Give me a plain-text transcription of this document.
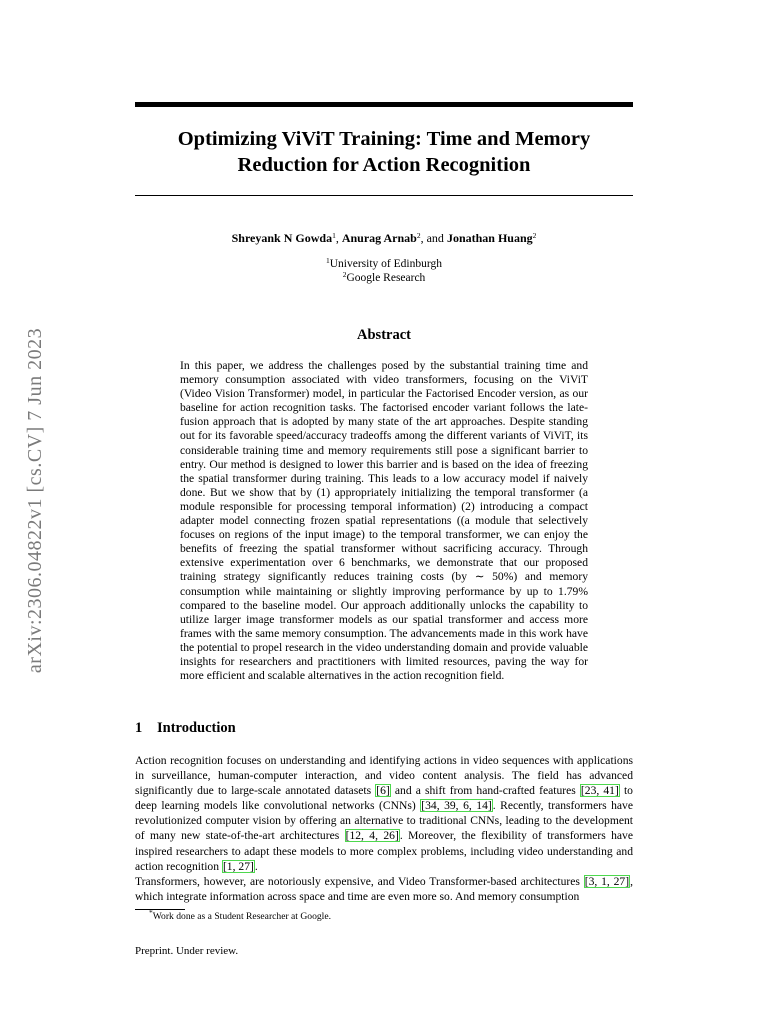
arXiv:2306.04822v1 [cs.CV] 7 Jun 2023
Optimizing ViViT Training: Time and Memory
Reduction for Action Recognition
Shreyank N Gowda$^1$, Anurag Arnab$^2$, and Jonathan Huang$^2$
$^1$University of Edinburgh
$^2$Google Research
Abstract

In this paper, we address the challenges posed by the substantial training time and memory consumption associated with video transformers, focusing on the ViViT (Video Vision Transformer) model, in particular the Factorised Encoder version, as our baseline for action recognition tasks. The factorised encoder variant follows the late-fusion approach that is adopted by many state of the art approaches. Despite standing out for its favorable speed/accuracy tradeoffs among the different variants of ViViT, its considerable training time and memory requirements still pose a significant barrier to entry. Our method is designed to lower this barrier and is based on the idea of freezing the spatial transformer during training. This leads to a low accuracy model if naively done. But we show that by (1) appropriately initializing the temporal transformer (a module responsible for processing temporal information) (2) introducing a compact adapter model connecting frozen spatial representations ((a module that selectively focuses on regions of the input image) to the temporal transformer, we can enjoy the benefits of freezing the spatial transformer without sacrificing accuracy. Through extensive experimentation over 6 benchmarks, we demonstrate that our proposed training strategy significantly reduces training costs (by ∼ 50%) and memory consumption while maintaining or slightly improving performance by up to 1.79% compared to the baseline model. Our approach additionally unlocks the capability to utilize larger image transformer models as our spatial transformer and access more frames with the same memory consumption. The advancements made in this work have the potential to propel research in the video understanding domain and provide valuable insights for researchers and practitioners with limited resources, paving the way for more efficient and scalable alternatives in the action recognition field.

1 Introduction

Action recognition focuses on understanding and identifying actions in video sequences with applications in surveillance, human-computer interaction, and video content analysis. The field has advanced significantly due to large-scale annotated datasets [6] and a shift from hand-crafted features [23, 41] to deep learning models like convolutional networks (CNNs) [34, 39, 6, 14]. Recently, transformers have revolutionized computer vision by offering an alternative to traditional CNNs, leading to the development of many new state-of-the-art architectures [12, 4, 26]. Moreover, the flexibility of transformers have inspired researchers to adapt these models to more complex problems, including video understanding and action recognition [1, 27].

Transformers, however, are notoriously expensive, and Video Transformer-based architectures [3, 1, 27], which integrate information across space and time are even more so. And memory consumption

*Work done as a Student Researcher at Google.
Preprint. Under review.
